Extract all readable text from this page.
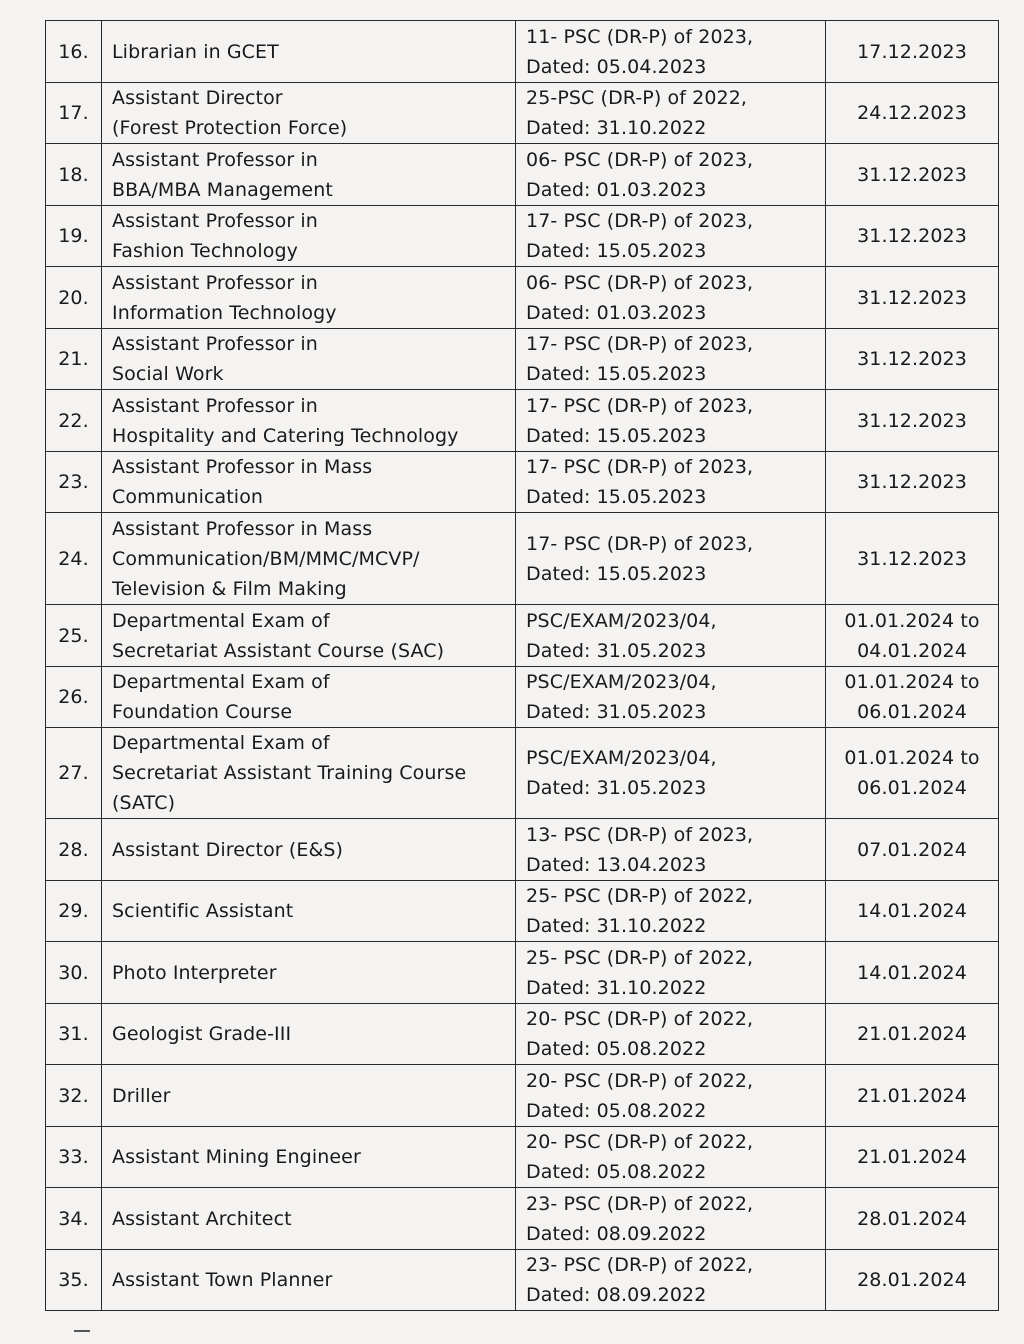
16.	Librarian in GCET	11- PSC (DR-P) of 2023,
Dated: 05.04.2023	17.12.2023
17.	Assistant Director
(Forest Protection Force)	25-PSC (DR-P) of 2022,
Dated: 31.10.2022	24.12.2023
18.	Assistant Professor in
BBA/MBA Management	06- PSC (DR-P) of 2023,
Dated: 01.03.2023	31.12.2023
19.	Assistant Professor in
Fashion Technology	17- PSC (DR-P) of 2023,
Dated: 15.05.2023	31.12.2023
20.	Assistant Professor in
Information Technology	06- PSC (DR-P) of 2023,
Dated: 01.03.2023	31.12.2023
21.	Assistant Professor in
Social Work	17- PSC (DR-P) of 2023,
Dated: 15.05.2023	31.12.2023
22.	Assistant Professor in
Hospitality and Catering Technology	17- PSC (DR-P) of 2023,
Dated: 15.05.2023	31.12.2023
23.	Assistant Professor in Mass
Communication	17- PSC (DR-P) of 2023,
Dated: 15.05.2023	31.12.2023
24.	Assistant Professor in Mass
Communication/BM/MMC/MCVP/
Television & Film Making	17- PSC (DR-P) of 2023,
Dated: 15.05.2023	31.12.2023
25.	Departmental Exam of
Secretariat Assistant Course (SAC)	PSC/EXAM/2023/04,
Dated: 31.05.2023	01.01.2024 to
04.01.2024
26.	Departmental Exam of
Foundation Course	PSC/EXAM/2023/04,
Dated: 31.05.2023	01.01.2024 to
06.01.2024
27.	Departmental Exam of
Secretariat Assistant Training Course
(SATC)	PSC/EXAM/2023/04,
Dated: 31.05.2023	01.01.2024 to
06.01.2024
28.	Assistant Director (E&S)	13- PSC (DR-P) of 2023,
Dated: 13.04.2023	07.01.2024
29.	Scientific Assistant	25- PSC (DR-P) of 2022,
Dated: 31.10.2022	14.01.2024
30.	Photo Interpreter	25- PSC (DR-P) of 2022,
Dated: 31.10.2022	14.01.2024
31.	Geologist Grade-III	20- PSC (DR-P) of 2022,
Dated: 05.08.2022	21.01.2024
32.	Driller	20- PSC (DR-P) of 2022,
Dated: 05.08.2022	21.01.2024
33.	Assistant Mining Engineer	20- PSC (DR-P) of 2022,
Dated: 05.08.2022	21.01.2024
34.	Assistant Architect	23- PSC (DR-P) of 2022,
Dated: 08.09.2022	28.01.2024
35.	Assistant Town Planner	23- PSC (DR-P) of 2022,
Dated: 08.09.2022	28.01.2024
